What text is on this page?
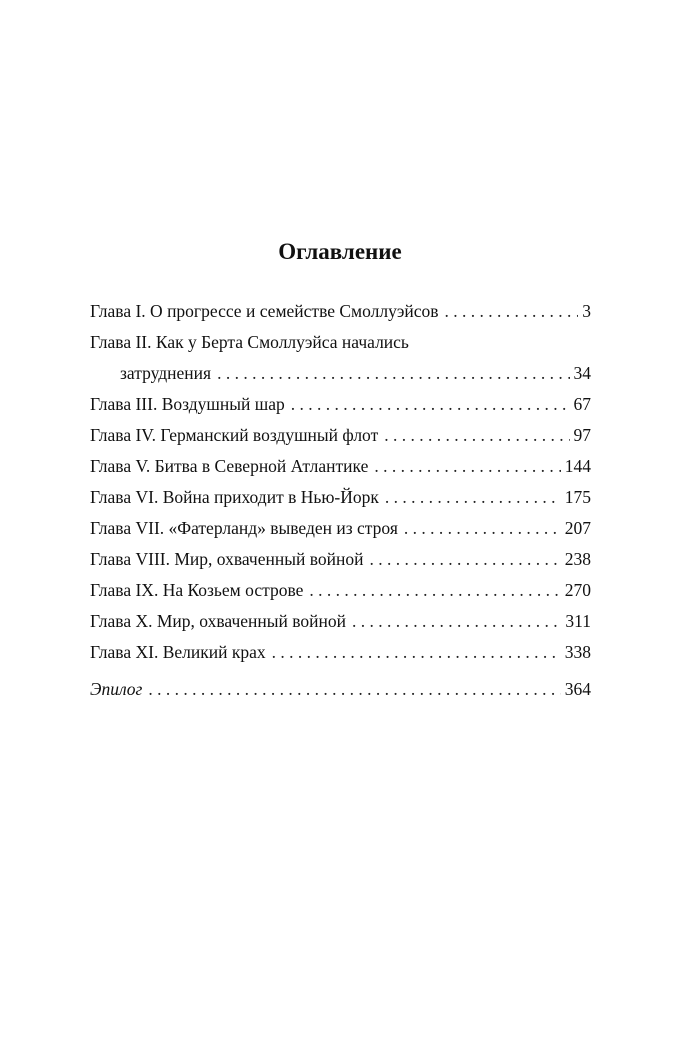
Оглавление
Глава I. О прогрессе и семействе Смоллуэйсов . . .	3
Глава II. Как у Берта Смоллуэйса начались
затруднения . . .	34
Глава III. Воздушный шар . . .	67
Глава IV. Германский воздушный флот . . .	97
Глава V. Битва в Северной Атлантике . . .	144
Глава VI. Война приходит в Нью-Йорк . . .	175
Глава VII. «Фатерланд» выведен из строя . . .	207
Глава VIII. Мир, охваченный войной . . .	238
Глава IX. На Козьем острове . . .	270
Глава X. Мир, охваченный войной . . .	311
Глава XI. Великий крах . . .	338
Эпилог . . .	364
